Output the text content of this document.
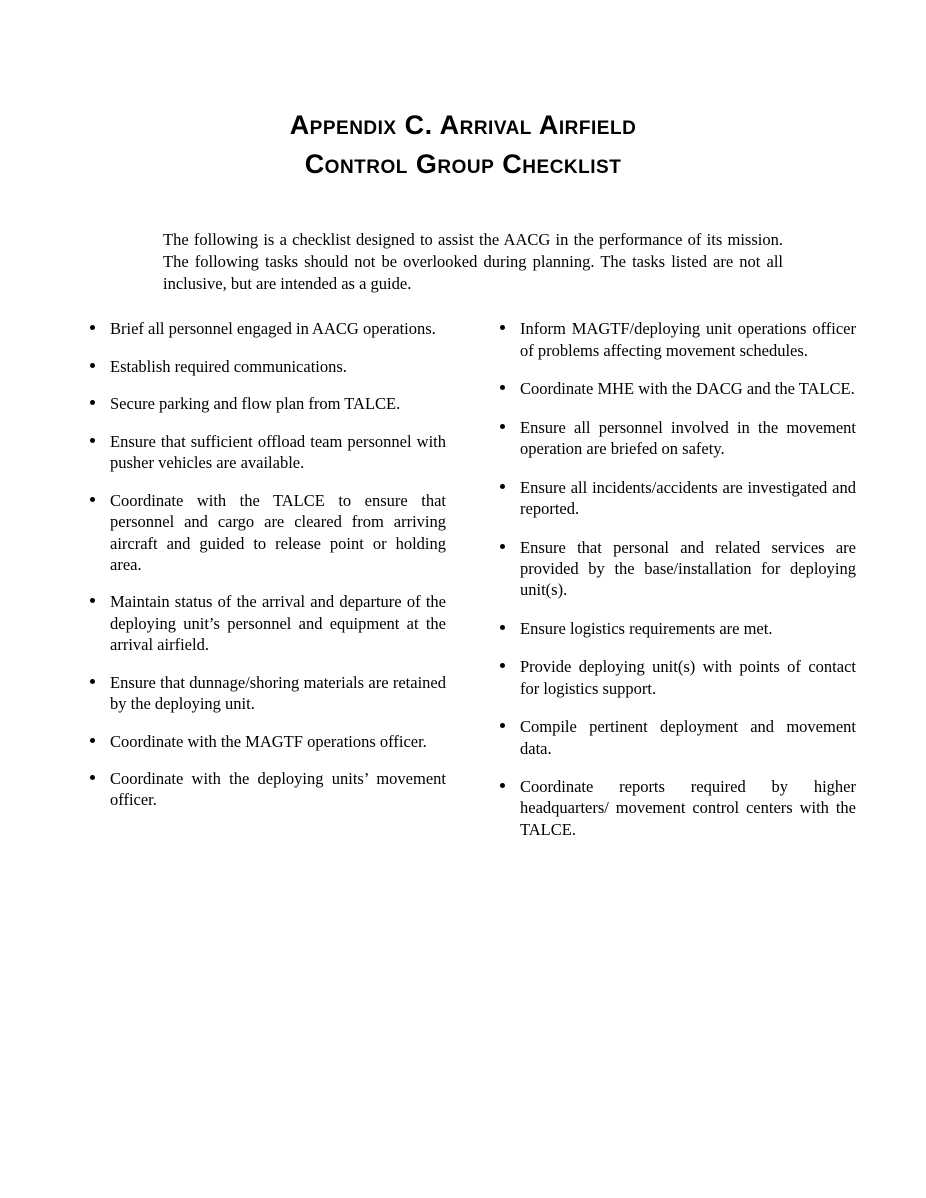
Appendix C. Arrival Airfield
Control Group Checklist

The following is a checklist designed to assist the AACG in the performance of its mission. The following tasks should not be overlooked during planning. The tasks listed are not all inclusive, but are intended as a guide.

Brief all personnel engaged in AACG operations.
Establish required communications.
Secure parking and flow plan from TALCE.
Ensure that sufficient offload team personnel with pusher vehicles are available.
Coordinate with the TALCE to ensure that personnel and cargo are cleared from arriving aircraft and guided to release point or holding area.
Maintain status of the arrival and departure of the deploying unit’s personnel and equipment at the arrival airfield.
Ensure that dunnage/shoring materials are retained by the deploying unit.
Coordinate with the MAGTF operations officer.
Coordinate with the deploying units’ movement officer.
Inform MAGTF/deploying unit operations officer of problems affecting movement schedules.
Coordinate MHE with the DACG and the TALCE.
Ensure all personnel involved in the movement operation are briefed on safety.
Ensure all incidents/accidents are investigated and reported.
Ensure that personal and related services are provided by the base/installation for deploying unit(s).
Ensure logistics requirements are met.
Provide deploying unit(s) with points of contact for logistics support.
Compile pertinent deployment and movement data.
Coordinate reports required by higher headquarters/ movement control centers with the TALCE.
